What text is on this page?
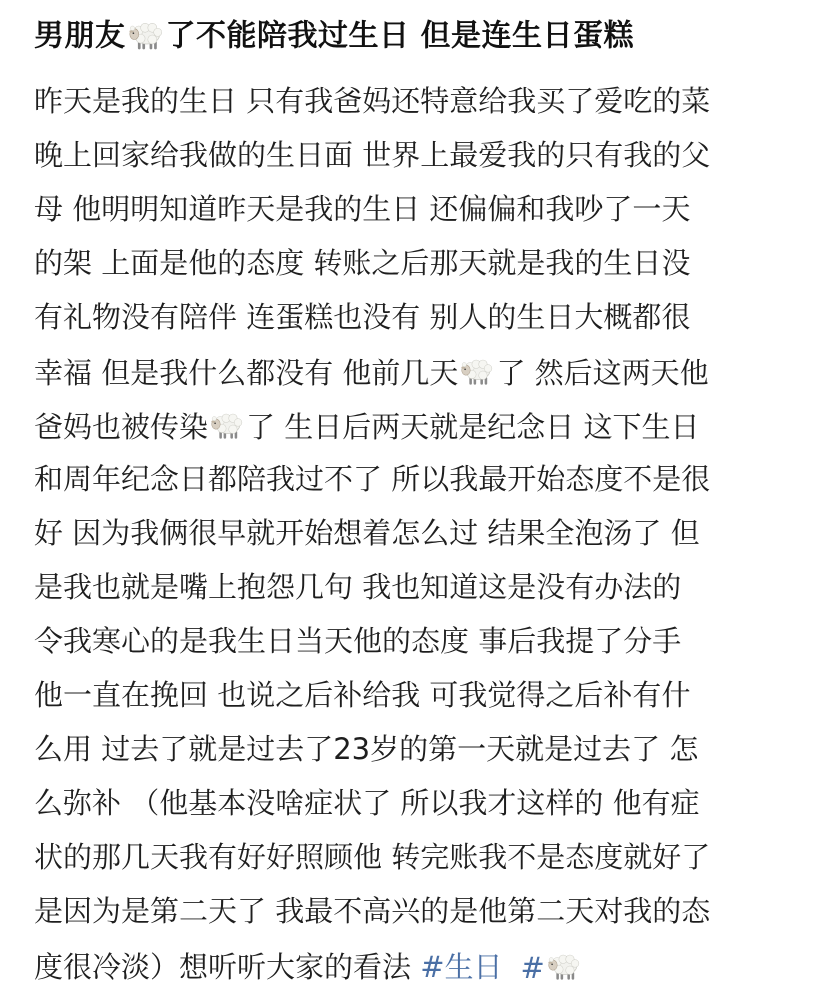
男朋友 了不能陪我过生日 但是连生日蛋糕
昨天是我的生日 只有我爸妈还特意给我买了爱吃的菜
晚上回家给我做的生日面 世界上最爱我的只有我的父
母 他明明知道昨天是我的生日 还偏偏和我吵了一天
的架 上面是他的态度 转账之后那天就是我的生日没
有礼物没有陪伴 连蛋糕也没有 别人的生日大概都很
幸福 但是我什么都没有 他前几天 了 然后这两天他
爸妈也被传染 了 生日后两天就是纪念日 这下生日
和周年纪念日都陪我过不了 所以我最开始态度不是很
好 因为我俩很早就开始想着怎么过 结果全泡汤了 但
是我也就是嘴上抱怨几句 我也知道这是没有办法的
令我寒心的是我生日当天他的态度 事后我提了分手
他一直在挽回 也说之后补给我 可我觉得之后补有什
么用 过去了就是过去了23岁的第一天就是过去了 怎
么弥补 （他基本没啥症状了 所以我才这样的 他有症
状的那几天我有好好照顾他 转完账我不是态度就好了
是因为是第二天了 我最不高兴的是他第二天对我的态
度很冷淡）想听听大家的看法 #生日 #
